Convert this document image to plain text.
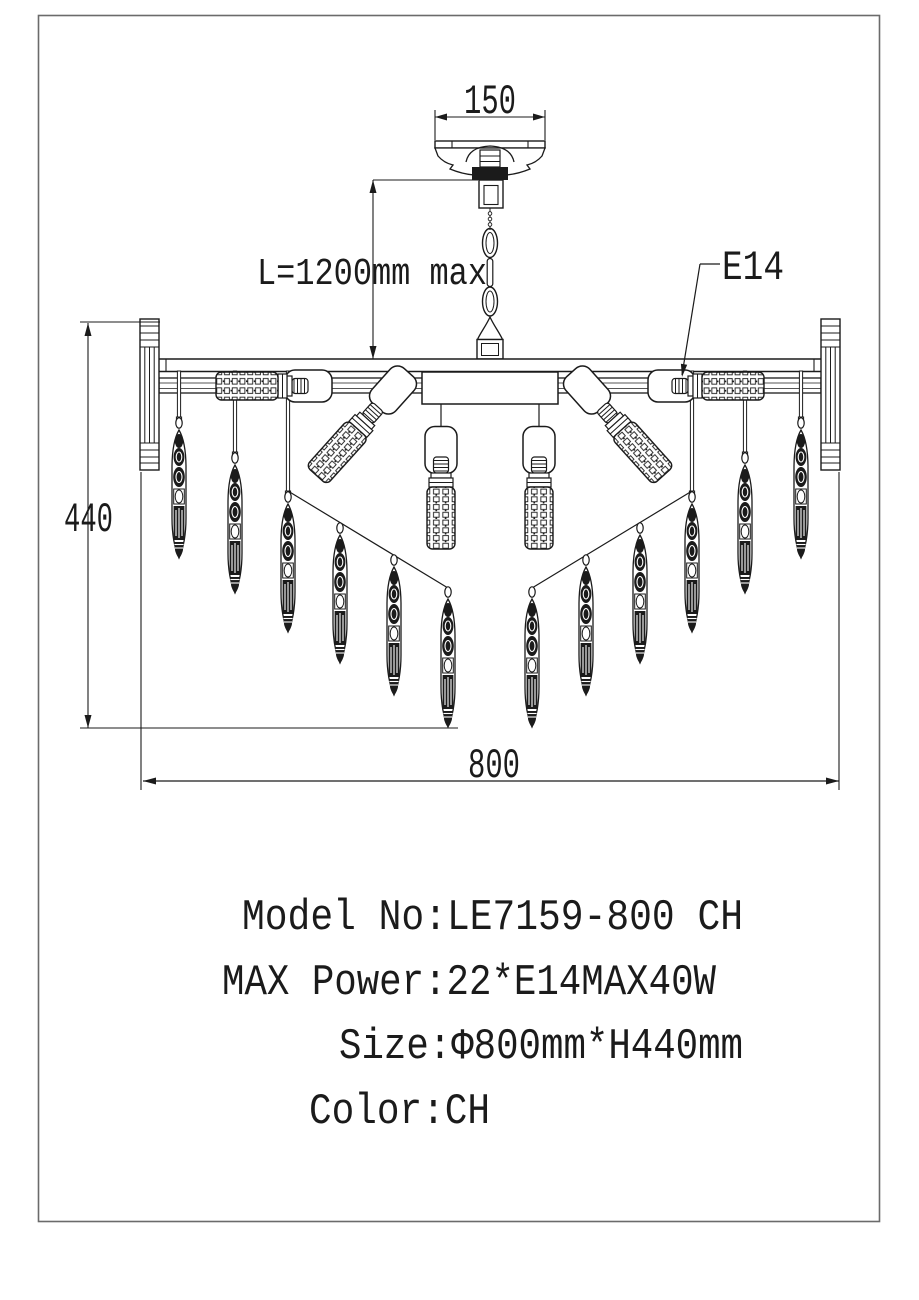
150
L=1200mm max
440
800
E14
Model No:LE7159-800 CH
MAX Power:22*E14MAX40W
Size:Φ800mm*H440mm
Color:CH
